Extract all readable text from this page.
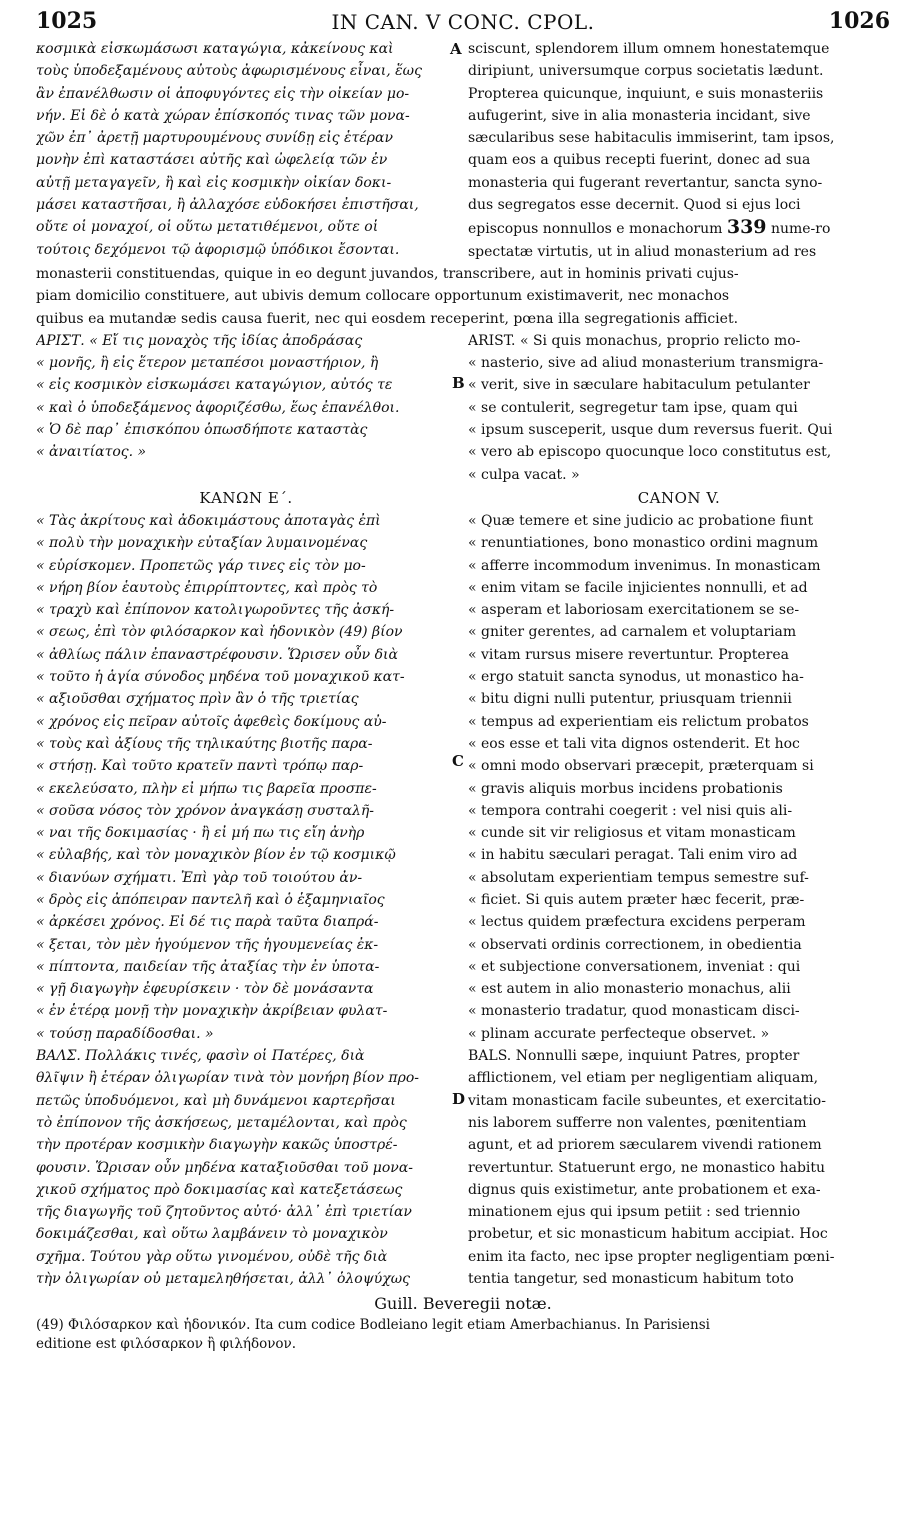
1025	IN CAN. V CONC. CPOL.	1026
A
B
C
D
κοσμικὰ εἰσκωμάσωσι καταγώγια, κἀκείνους καὶ
τοὺς ὑποδεξαμένους αὐτοὺς ἀφωρισμένους εἶναι, ἕως
ἂν ἐπανέλθωσιν οἱ ἀποφυγόντες εἰς τὴν οἰκείαν μο-
νήν. Εἰ δὲ ὁ κατὰ χώραν ἐπίσκοπός τινας τῶν μονα-
χῶν ἐπ᾽ ἀρετῇ μαρτυρουμένους συνίδῃ εἰς ἑτέραν
μονὴν ἐπὶ καταστάσει αὐτῆς καὶ ὠφελείᾳ τῶν ἐν
αὐτῇ μεταγαγεῖν, ἢ καὶ εἰς κοσμικὴν οἰκίαν δοκι-
μάσει καταστῆσαι, ἢ ἀλλαχόσε εὐδοκήσει ἐπιστῆσαι,
οὔτε οἱ μοναχοί, οἱ οὕτω μετατιθέμενοι, οὔτε οἱ
τούτοις δεχόμενοι τῷ ἀφορισμῷ ὑπόδικοι ἔσονται.
sciscunt, splendorem illum omnem honestatemque
diripiunt, universumque corpus societatis lædunt.
Propterea quicunque, inquiunt, e suis monasteriis
aufugerint, sive in alia monasteria incidant, sive
sæcularibus sese habitaculis immiserint, tam ipsos,
quam eos a quibus recepti fuerint, donec ad sua
monasteria qui fugerant revertantur, sancta syno-
dus segregatos esse decernit. Quod si ejus loci
episcopus nonnullos e monachorum 339 nume-ro
spectatæ virtutis, ut in aliud monasterium ad res
monasterii constituendas, quique in eo degunt juvandos, transcribere, aut in hominis privati cujus-
piam domicilio constituere, aut ubivis demum collocare opportunum existimaverit, nec monachos
quibus ea mutandæ sedis causa fuerit, nec qui eosdem receperint, pœna illa segregationis afficiet.
ΑΡΙΣΤ. « Εἴ τις μοναχὸς τῆς ἰδίας ἀποδράσας
« μονῆς, ἢ εἰς ἕτερον μεταπέσοι μοναστήριον, ἢ
« εἰς κοσμικὸν εἰσκωμάσει καταγώγιον, αὐτός τε
« καὶ ὁ ὑποδεξάμενος ἀφοριζέσθω, ἕως ἐπανέλθοι.
« Ὁ δὲ παρ᾽ ἐπισκόπου ὁπωσδήποτε καταστὰς
« ἀναιτίατος. »
ARIST. « Si quis monachus, proprio relicto mo-
« nasterio, sive ad aliud monasterium transmigra-
« verit, sive in sæculare habitaculum petulanter
« se contulerit, segregetur tam ipse, quam qui
« ipsum susceperit, usque dum reversus fuerit. Qui
« vero ab episcopo quocunque loco constitutus est,
« culpa vacat. »
ΚΑΝΩΝ Ε΄.
« Τὰς ἀκρίτους καὶ ἀδοκιμάστους ἀποταγὰς ἐπὶ
« πολὺ τὴν μοναχικὴν εὐταξίαν λυμαινομένας
« εὑρίσκομεν. Προπετῶς γάρ τινες εἰς τὸν μο-
« νήρη βίον ἑαυτοὺς ἐπιρρίπτοντες, καὶ πρὸς τὸ
« τραχὺ καὶ ἐπίπονον κατολιγωροῦντες τῆς ἀσκή-
« σεως, ἐπὶ τὸν φιλόσαρκον καὶ ἡδονικὸν (49) βίον
« ἀθλίως πάλιν ἐπαναστρέφουσιν. Ὥρισεν οὖν διὰ
« τοῦτο ἡ ἁγία σύνοδος μηδένα τοῦ μοναχικοῦ κατ-
« αξιοῦσθαι σχήματος πρὶν ἂν ὁ τῆς τριετίας
« χρόνος εἰς πεῖραν αὐτοῖς ἀφεθεὶς δοκίμους αὐ-
« τοὺς καὶ ἀξίους τῆς τηλικαύτης βιοτῆς παρα-
« στήσῃ. Καὶ τοῦτο κρατεῖν παντὶ τρόπῳ παρ-
« εκελεύσατο, πλὴν εἰ μήπω τις βαρεῖα προσπε-
« σοῦσα νόσος τὸν χρόνον ἀναγκάσῃ συσταλῆ-
« ναι τῆς δοκιμασίας · ἢ εἰ μή πω τις εἴη ἀνὴρ
« εὐλαβής, καὶ τὸν μοναχικὸν βίον ἐν τῷ κοσμικῷ
« διανύων σχήματι. Ἐπὶ γὰρ τοῦ τοιούτου ἀν-
« δρὸς εἰς ἀπόπειραν παντελῆ καὶ ὁ ἑξαμηνιαῖος
« ἀρκέσει χρόνος. Εἰ δέ τις παρὰ ταῦτα διαπρά-
« ξεται, τὸν μὲν ἡγούμενον τῆς ἡγουμενείας ἐκ-
« πίπτοντα, παιδείαν τῆς ἀταξίας τὴν ἐν ὑποτα-
« γῇ διαγωγὴν ἐφευρίσκειν · τὸν δὲ μονάσαντα
« ἐν ἑτέρᾳ μονῇ τὴν μοναχικὴν ἀκρίβειαν φυλατ-
« τούσῃ παραδίδοσθαι. »
CANON V.
« Quæ temere et sine judicio ac probatione fiunt
« renuntiationes, bono monastico ordini magnum
« afferre incommodum invenimus. In monasticam
« enim vitam se facile injicientes nonnulli, et ad
« asperam et laboriosam exercitationem se se-
« gniter gerentes, ad carnalem et voluptariam
« vitam rursus misere revertuntur. Propterea
« ergo statuit sancta synodus, ut monastico ha-
« bitu digni nulli putentur, priusquam triennii
« tempus ad experientiam eis relictum probatos
« eos esse et tali vita dignos ostenderit. Et hoc
« omni modo observari præcepit, præterquam si
« gravis aliquis morbus incidens probationis
« tempora contrahi coegerit : vel nisi quis ali-
« cunde sit vir religiosus et vitam monasticam
« in habitu sæculari peragat. Tali enim viro ad
« absolutam experientiam tempus semestre suf-
« ficiet. Si quis autem præter hæc fecerit, præ-
« lectus quidem præfectura excidens perperam
« observati ordinis correctionem, in obedientia
« et subjectione conversationem, inveniat : qui
« est autem in alio monasterio monachus, alii
« monasterio tradatur, quod monasticam disci-
« plinam accurate perfecteque observet. »
ΒΑΛΣ. Πολλάκις τινές, φασὶν οἱ Πατέρες, διὰ
θλῖψιν ἢ ἑτέραν ὀλιγωρίαν τινὰ τὸν μονήρη βίον προ-
πετῶς ὑποδυόμενοι, καὶ μὴ δυνάμενοι καρτερῆσαι
τὸ ἐπίπονον τῆς ἀσκήσεως, μεταμέλονται, καὶ πρὸς
τὴν προτέραν κοσμικὴν διαγωγὴν κακῶς ὑποστρέ-
φουσιν. Ὥρισαν οὖν μηδένα καταξιοῦσθαι τοῦ μονα-
χικοῦ σχήματος πρὸ δοκιμασίας καὶ κατεξετάσεως
τῆς διαγωγῆς τοῦ ζητοῦντος αὐτό· ἀλλ᾽ ἐπὶ τριετίαν
δοκιμάζεσθαι, καὶ οὕτω λαμβάνειν τὸ μοναχικὸν
σχῆμα. Τούτου γὰρ οὕτω γινομένου, οὐδὲ τῆς διὰ
τὴν ὀλιγωρίαν οὐ μεταμεληθήσεται, ἀλλ᾽ ὁλοψύχως
BALS. Nonnulli sæpe, inquiunt Patres, propter
afflictionem, vel etiam per negligentiam aliquam,
vitam monasticam facile subeuntes, et exercitatio-
nis laborem sufferre non valentes, pœnitentiam
agunt, et ad priorem sæcularem vivendi rationem
revertuntur. Statuerunt ergo, ne monastico habitu
dignus quis existimetur, ante probationem et exa-
minationem ejus qui ipsum petiit : sed triennio
probetur, et sic monasticum habitum accipiat. Hoc
enim ita facto, nec ipse propter negligentiam pœni-
tentia tangetur, sed monasticum habitum toto
Guill. Beveregii notæ.
(49) Φιλόσαρκον καὶ ἡδονικόν. Ita cum codice Bodleiano legit etiam Amerbachianus. In Parisiensi
editione est φιλόσαρκον ἢ φιλήδονον.
